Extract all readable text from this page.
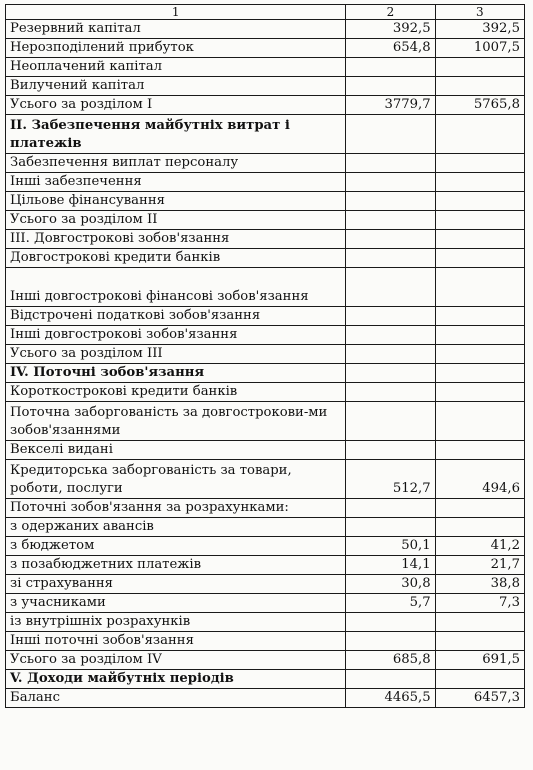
1	2	3
Резервний капітал	392,5	392,5
Нерозподілений прибуток	654,8	1007,5
Неоплачений капітал		
Вилучений капітал		
Усього за розділом I	3779,7	5765,8
II. Забезпечення майбутніх витрат і платежів		
Забезпечення виплат персоналу		
Інші забезпечення		
Цільове фінансування		
Усього за розділом II		
III. Довгострокові зобов'язання		
Довгострокові кредити банків		
Інші довгострокові фінансові зобов'язання		
Відстрочені податкові зобов'язання		
Інші довгострокові зобов'язання		
Усього за розділом III		
IV. Поточні зобов'язання		
Короткострокові кредити банків		
Поточна заборгованість за довгострокови-ми зобов'язаннями		
Векселі видані		
Кредиторська заборгованість за товари, роботи, послуги	512,7	494,6
Поточні зобов'язання за розрахунками:		
з одержаних авансів		
з бюджетом	50,1	41,2
з позабюджетних платежів	14,1	21,7
зі страхування	30,8	38,8
з учасниками	5,7	7,3
із внутрішніх розрахунків		
Інші поточні зобов'язання		
Усього за розділом IV	685,8	691,5
V. Доходи майбутніх періодів		
Баланс	4465,5	6457,3
